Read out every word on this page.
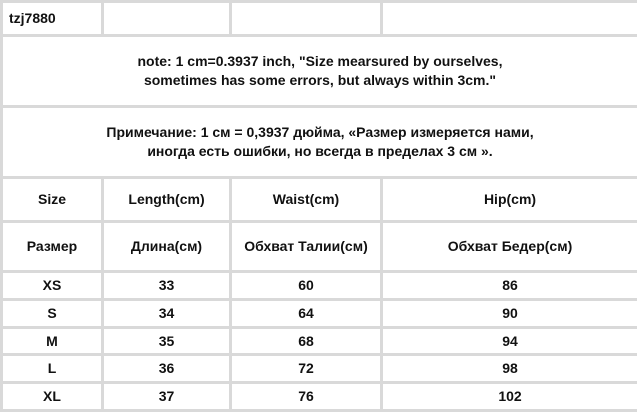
tzj7880			

note: 1 cm=0.3937 inch, "Size mearsured by ourselves,
sometimes has some errors, but always within 3cm."			

Примечание: 1 см = 0,3937 дюйма, «Размер измеряется нами,
иногда есть ошибки, но всегда в пределах 3 см ».			

Size	Length(cm)	Waist(cm)	Hip(cm)
Размер	Длина(см)	Обхват Талии(см)	Обхват Бедер(см)
XS	33	60	86
S	34	64	90
M	35	68	94
L	36	72	98
XL	37	76	102
